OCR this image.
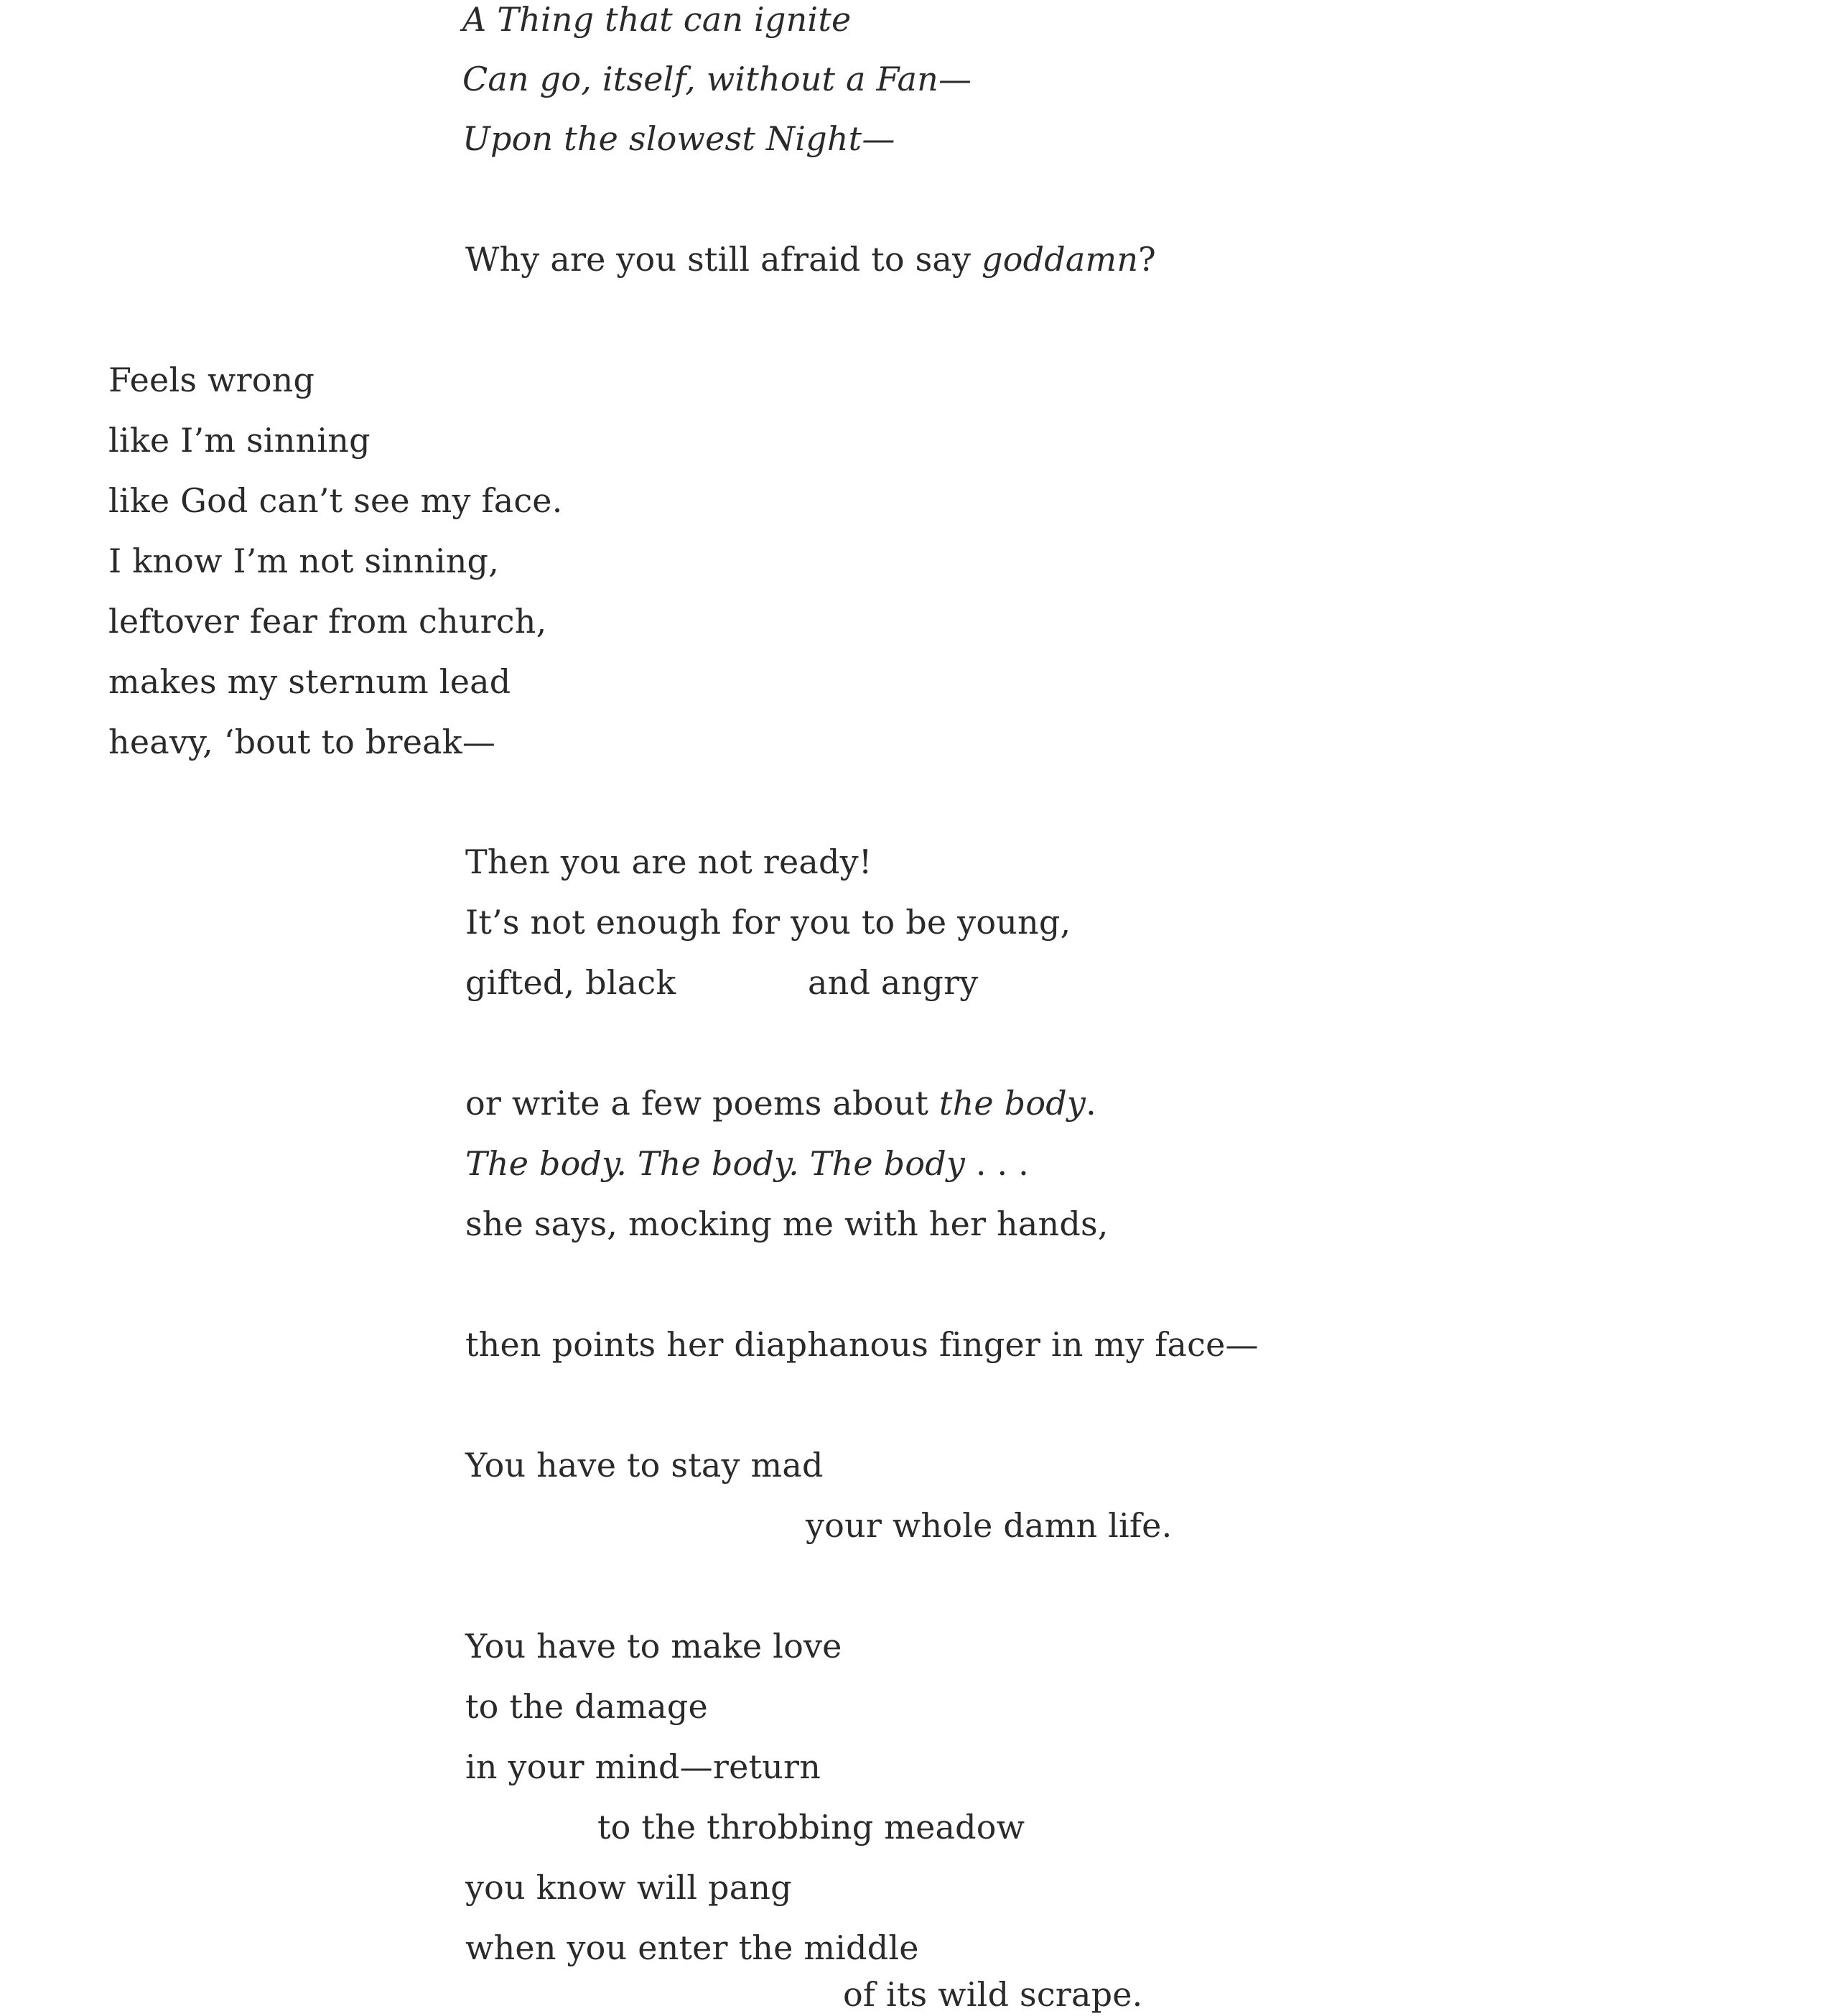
A Thing that can ignite
Can go, itself, without a Fan—
Upon the slowest Night—
Why are you still afraid to say goddamn?
Feels wrong
like I’m sinning
like God can’t see my face.
I know I’m not sinning,
leftover fear from church,
makes my sternum lead
heavy, ‘bout to break—
Then you are not ready!
It’s not enough for you to be young,
gifted, black	and angry
or write a few poems about the body.
The body. The body. The body . . .
she says, mocking me with her hands,
then points her diaphanous finger in my face—
You have to stay mad
your whole damn life.
You have to make love
to the damage
in your mind—return
to the throbbing meadow
you know will pang
when you enter the middle
of its wild scrape.
